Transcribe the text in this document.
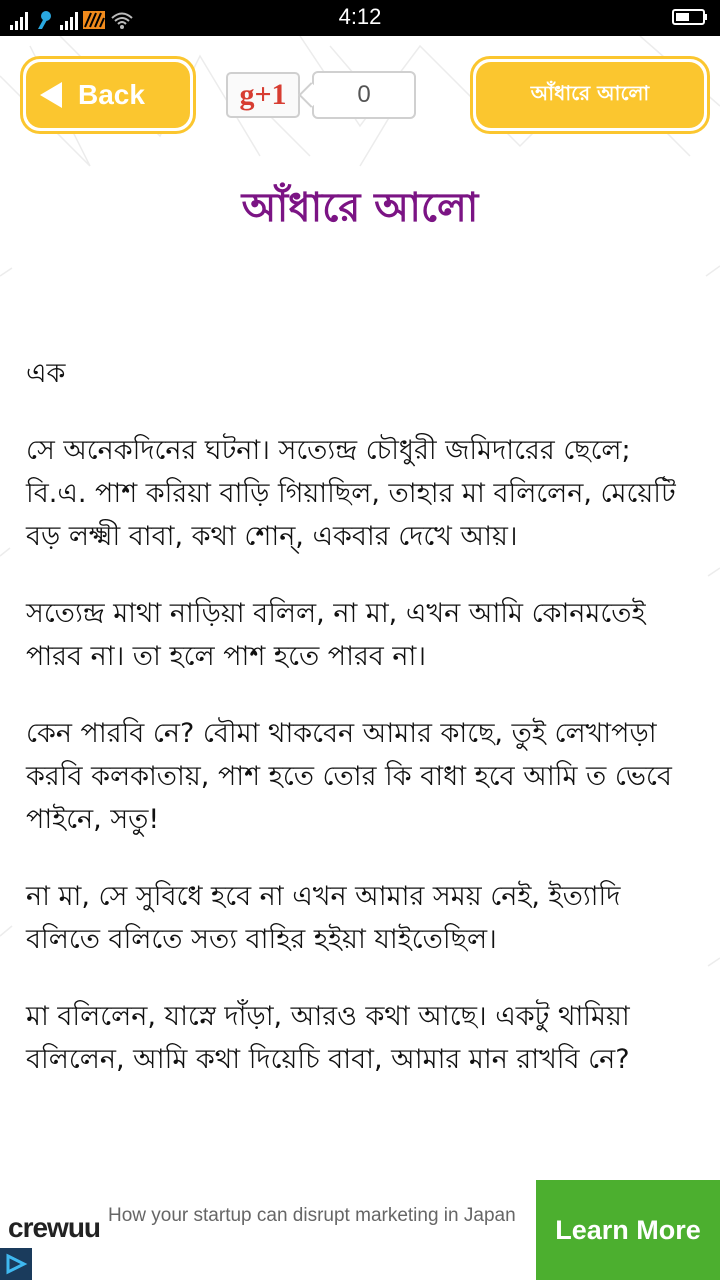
4:12
Back	g+1	0	আঁধারে আলো
আঁধারে আলো

এক

সে অনেকদিনের ঘটনা। সত্যেন্দ্র চৌধুরী জমিদারের ছেলে; বি.এ. পাশ করিয়া বাড়ি গিয়াছিল, তাহার মা বলিলেন, মেয়েটি বড় লক্ষ্মী বাবা, কথা শোন্‌, একবার দেখে আয়।

সত্যেন্দ্র মাথা নাড়িয়া বলিল, না মা, এখন আমি কোনমতেই পারব না। তা হলে পাশ হতে পারব না।

কেন পারবি নে? বৌমা থাকবেন আমার কাছে, তুই লেখাপড়া করবি কলকাতায়, পাশ হতে তোর কি বাধা হবে আমি ত ভেবে পাইনে, সতু!

না মা, সে সুবিধে হবে না এখন আমার সময় নেই, ইত্যাদি বলিতে বলিতে সত্য বাহির হইয়া যাইতেছিল।

মা বলিলেন, যাস্নে দাঁড়া, আরও কথা আছে। একটু থামিয়া বলিলেন, আমি কথা দিয়েচি বাবা, আমার মান রাখবি নে?

crewuu How your startup can disrupt marketing in Japan Learn More
